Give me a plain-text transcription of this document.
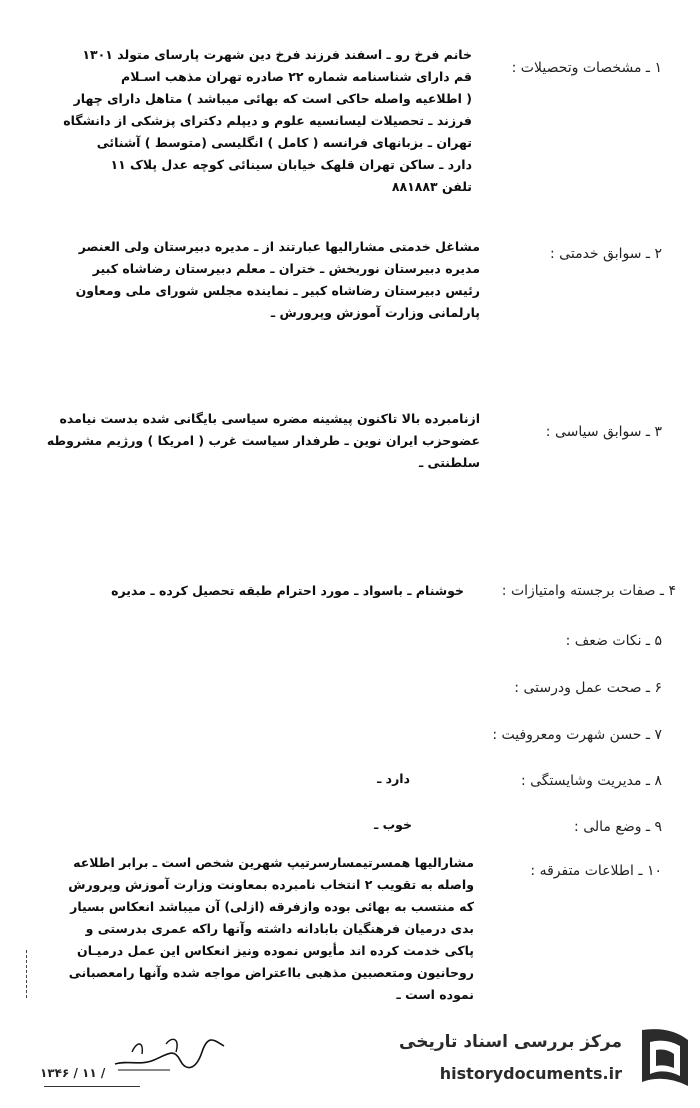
۱ ـ مشخصات وتحصیلات :
۲ ـ سوابق خدمتی :
۳ ـ سوابق سیاسی :
۴ ـ صفات برجسته وامتیازات :
۵ ـ نکات ضعف :
۶ ـ صحت عمل ودرستی :
۷ ـ حسن شهرت ومعروفیت :
۸ ـ مدیریت وشایستگی :
۹ ـ وضع مالی :
۱۰ ـ اطلاعات متفرقه :
خانم فرخ رو ـ اسفند فرزند فرخ دین شهرت پارسای متولد ۱۳۰۱
قم دارای شناسنامه شماره ۲۲ صادره تهران مذهب اسـلام
( اطلاعیه واصله حاکی است که بهائی میباشد ) متاهل دارای چهار
فرزند ـ تحصیلات لیسانسیه علوم و دیپلم دکترای پزشکی از دانشگاه
تهران ـ بزبانهای فرانسه ( کامل ) انگلیسی (متوسط ) آشنائی
دارد ـ ساکن تهران قلهک خیابان سینائی کوچه عدل پلاک ۱۱
تلفن ۸۸۱۸۸۳
مشاغل خدمتی مشارالیها عبارتند از ـ مدیره دبیرستان ولی العنصر
مدیره دبیرستان نوربخش ـ ختران ـ معلم دبیرستان رضاشاه کبیر
رئیس دبیرستان رضاشاه کبیر ـ نماینده مجلس شورای ملی ومعاون
پارلمانی وزارت آموزش وپرورش ـ
ازنامبرده بالا تاکنون پیشینه مضره سیاسی بایگانی شده بدست نیامده
عضوحزب ایران نوین ـ طرفدار سیاست غرب ( امریکا ) ورژیم مشروطه
سلطنتی ـ
خوشنام ـ باسواد ـ مورد احترام طبقه تحصیل کرده ـ مدیره
دارد ـ
خوب ـ
مشارالیها همسرتیمسارسرتیپ شهرین شخص است ـ برابر اطلاعه
واصله به تقویب ۲ انتخاب نامبرده بمعاونت وزارت آموزش وپرورش
که منتسب به بهائی بوده وازفرقه (ازلی) آن میباشد انعکاس بسیار
بدی درمیان فرهنگیان بابادانه داشته وآنها راکه عمری بدرستی و
پاکی خدمت کرده اند مأیوس نموده ونیز انعکاس این عمل درمیـان
روحانیون ومتعصبین مذهبی بااعتراض مواجه شده وآنها رامعصبانی
نموده است ـ
۱۳۴۶ / ۱۱ /
مرکز بررسی اسناد تاریخی
historydocuments.ir
